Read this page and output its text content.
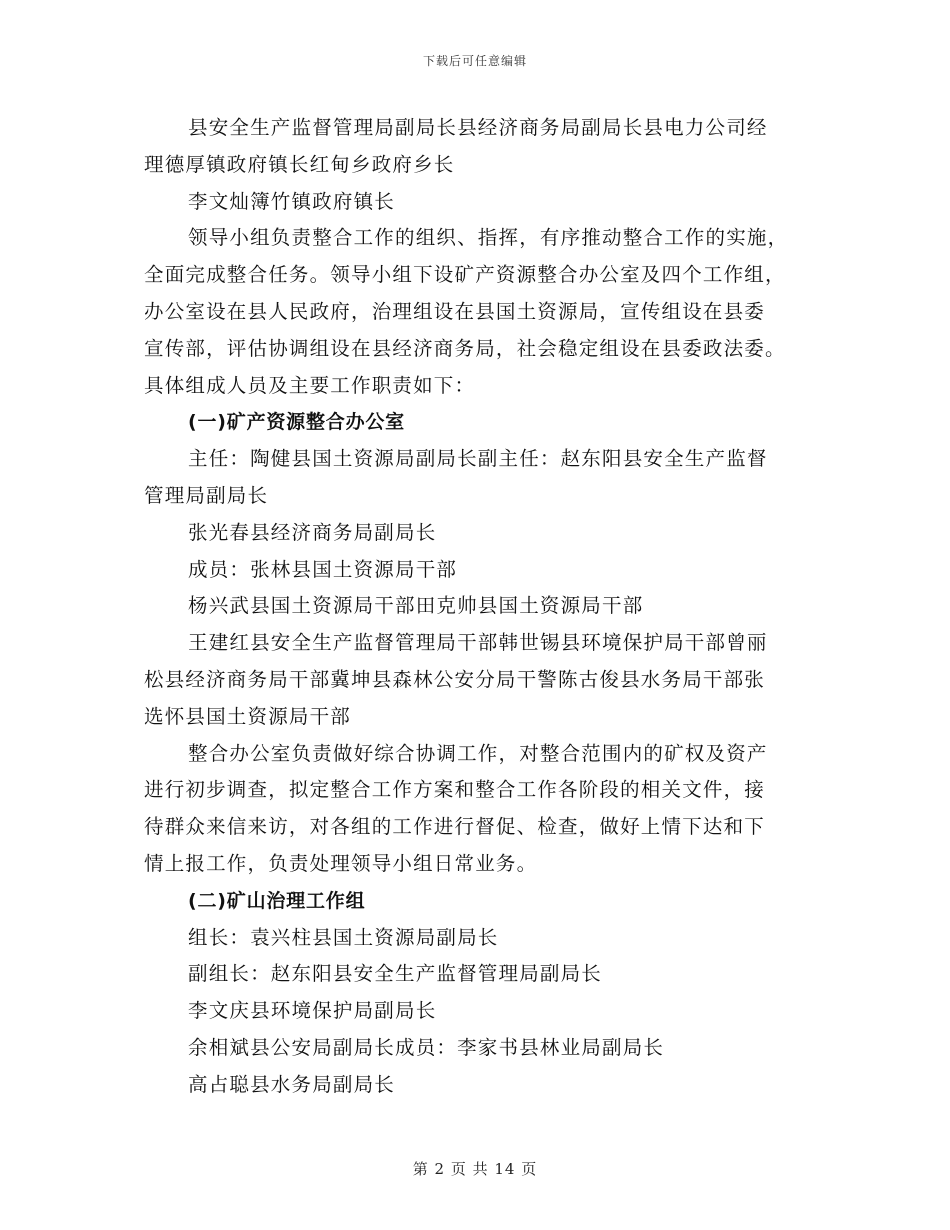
下载后可任意编辑
县安全生产监督管理局副局长县经济商务局副局长县电力公司经
理德厚镇政府镇长红甸乡政府乡长
李文灿簿竹镇政府镇长
领导小组负责整合工作的组织、指挥，有序推动整合工作的实施，
全面完成整合任务。领导小组下设矿产资源整合办公室及四个工作组，
办公室设在县人民政府，治理组设在县国土资源局，宣传组设在县委
宣传部，评估协调组设在县经济商务局，社会稳定组设在县委政法委。
具体组成人员及主要工作职责如下：
(一)矿产资源整合办公室
主任：陶健县国土资源局副局长副主任：赵东阳县安全生产监督
管理局副局长
张光春县经济商务局副局长
成员：张林县国土资源局干部
杨兴武县国土资源局干部田克帅县国土资源局干部
王建红县安全生产监督管理局干部韩世锡县环境保护局干部曾丽
松县经济商务局干部冀坤县森林公安分局干警陈古俊县水务局干部张
选怀县国土资源局干部
整合办公室负责做好综合协调工作，对整合范围内的矿权及资产
进行初步调查，拟定整合工作方案和整合工作各阶段的相关文件，接
待群众来信来访，对各组的工作进行督促、检查，做好上情下达和下
情上报工作，负责处理领导小组日常业务。
(二)矿山治理工作组
组长：袁兴柱县国土资源局副局长
副组长：赵东阳县安全生产监督管理局副局长
李文庆县环境保护局副局长
余相斌县公安局副局长成员：李家书县林业局副局长
高占聪县水务局副局长
第 2 页 共 14 页
